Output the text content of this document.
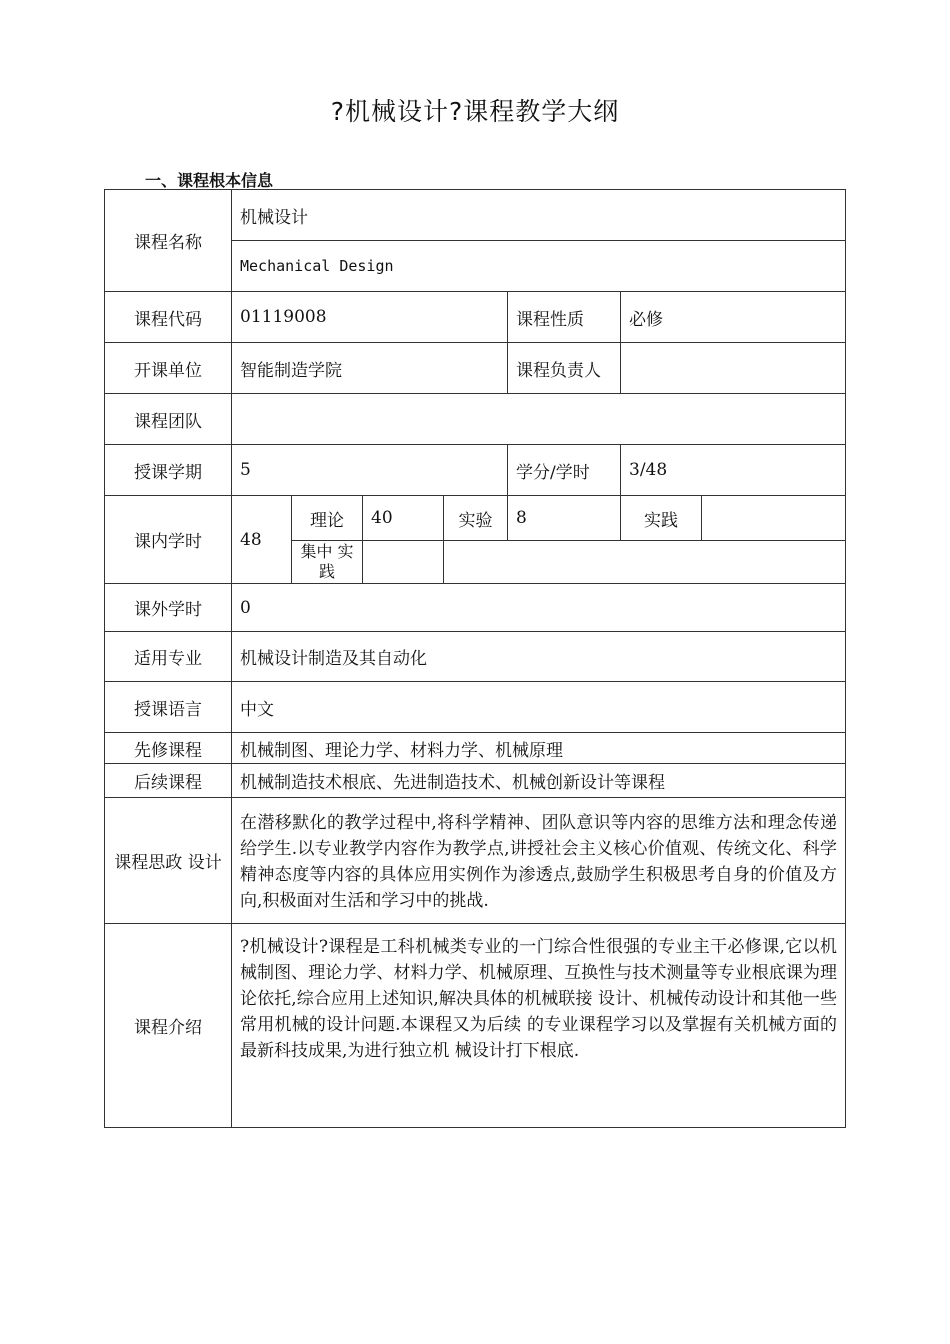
?机械设计?课程教学大纲
一、课程根本信息
课程名称	机械设计						
	Mechanical Design						
课程代码	01119008				课程性质	必修	
开课单位	智能制造学院				课程负责人		
课程团队							
授课学期	5				学分/学时	3/48	
课内学时	48	理论	40	实验	8	实践	
		集中 实践					
课外学时	0						
适用专业	机械设计制造及其自动化						
授课语言	中文						
先修课程	机械制图、理论力学、材料力学、机械原理						
后续课程	机械制造技术根底、先进制造技术、机械创新设计等课程						
课程思政 设计	在潜移默化的教学过程中,将科学精神、团队意识等内容的思维方法和理念传递给学生.以专业教学内容作为教学点,讲授社会主义核心价值观、传统文化、科学精神态度等内容的具体应用实例作为渗透点,鼓励学生积极思考自身的价值及方向,积极面对生活和学习中的挑战.						

课程介绍	?机械设计?课程是工科机械类专业的一门综合性很强的专业主干必修课,它以机械制图、理论力学、材料力学、机械原理、互换性与技术测量等专业根底课为理论依托,综合应用上述知识,解决具体的机械联接 设计、机械传动设计和其他一些常用机械的设计问题.本课程又为后续 的专业课程学习以及掌握有关机械方面的最新科技成果,为进行独立机 械设计打下根底.						
